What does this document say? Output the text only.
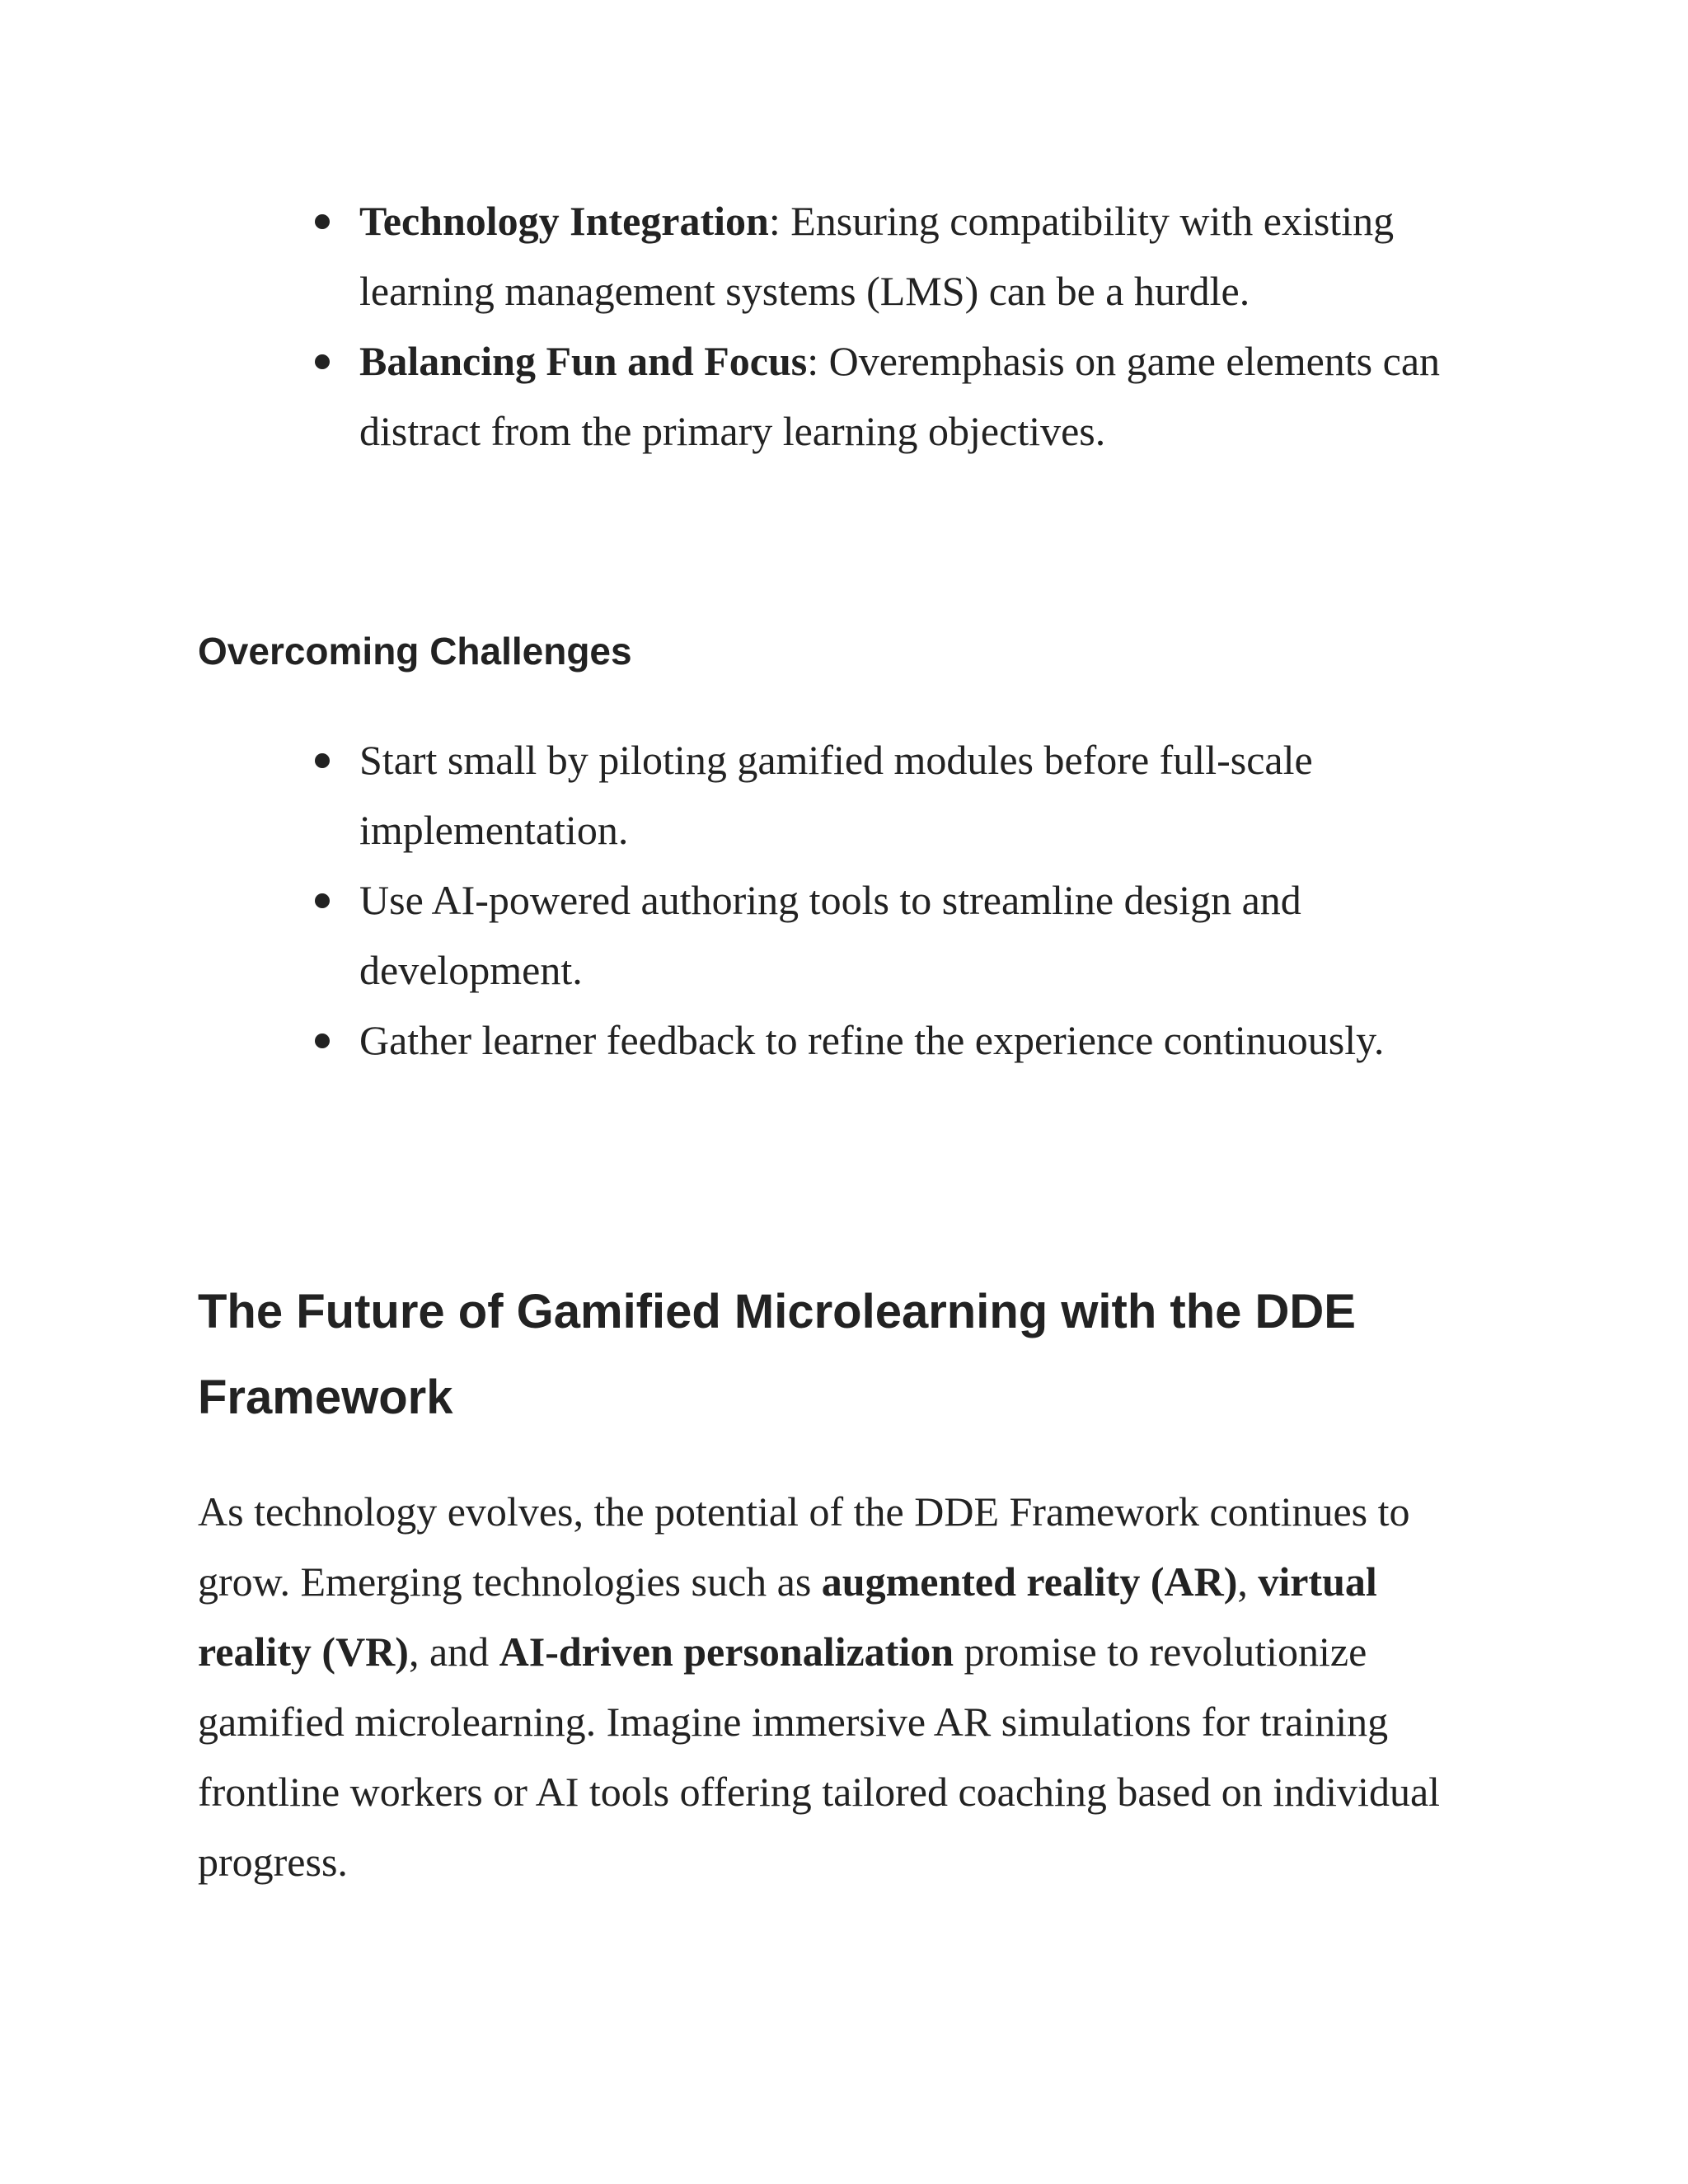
Technology Integration: Ensuring compatibility with existing learning management systems (LMS) can be a hurdle.
Balancing Fun and Focus: Overemphasis on game elements can distract from the primary learning objectives.
Overcoming Challenges
Start small by piloting gamified modules before full-scale implementation.
Use AI-powered authoring tools to streamline design and development.
Gather learner feedback to refine the experience continuously.
The Future of Gamified Microlearning with the DDE Framework

As technology evolves, the potential of the DDE Framework continues to grow. Emerging technologies such as augmented reality (AR), virtual reality (VR), and AI-driven personalization promise to revolutionize gamified microlearning. Imagine immersive AR simulations for training frontline workers or AI tools offering tailored coaching based on individual progress.
